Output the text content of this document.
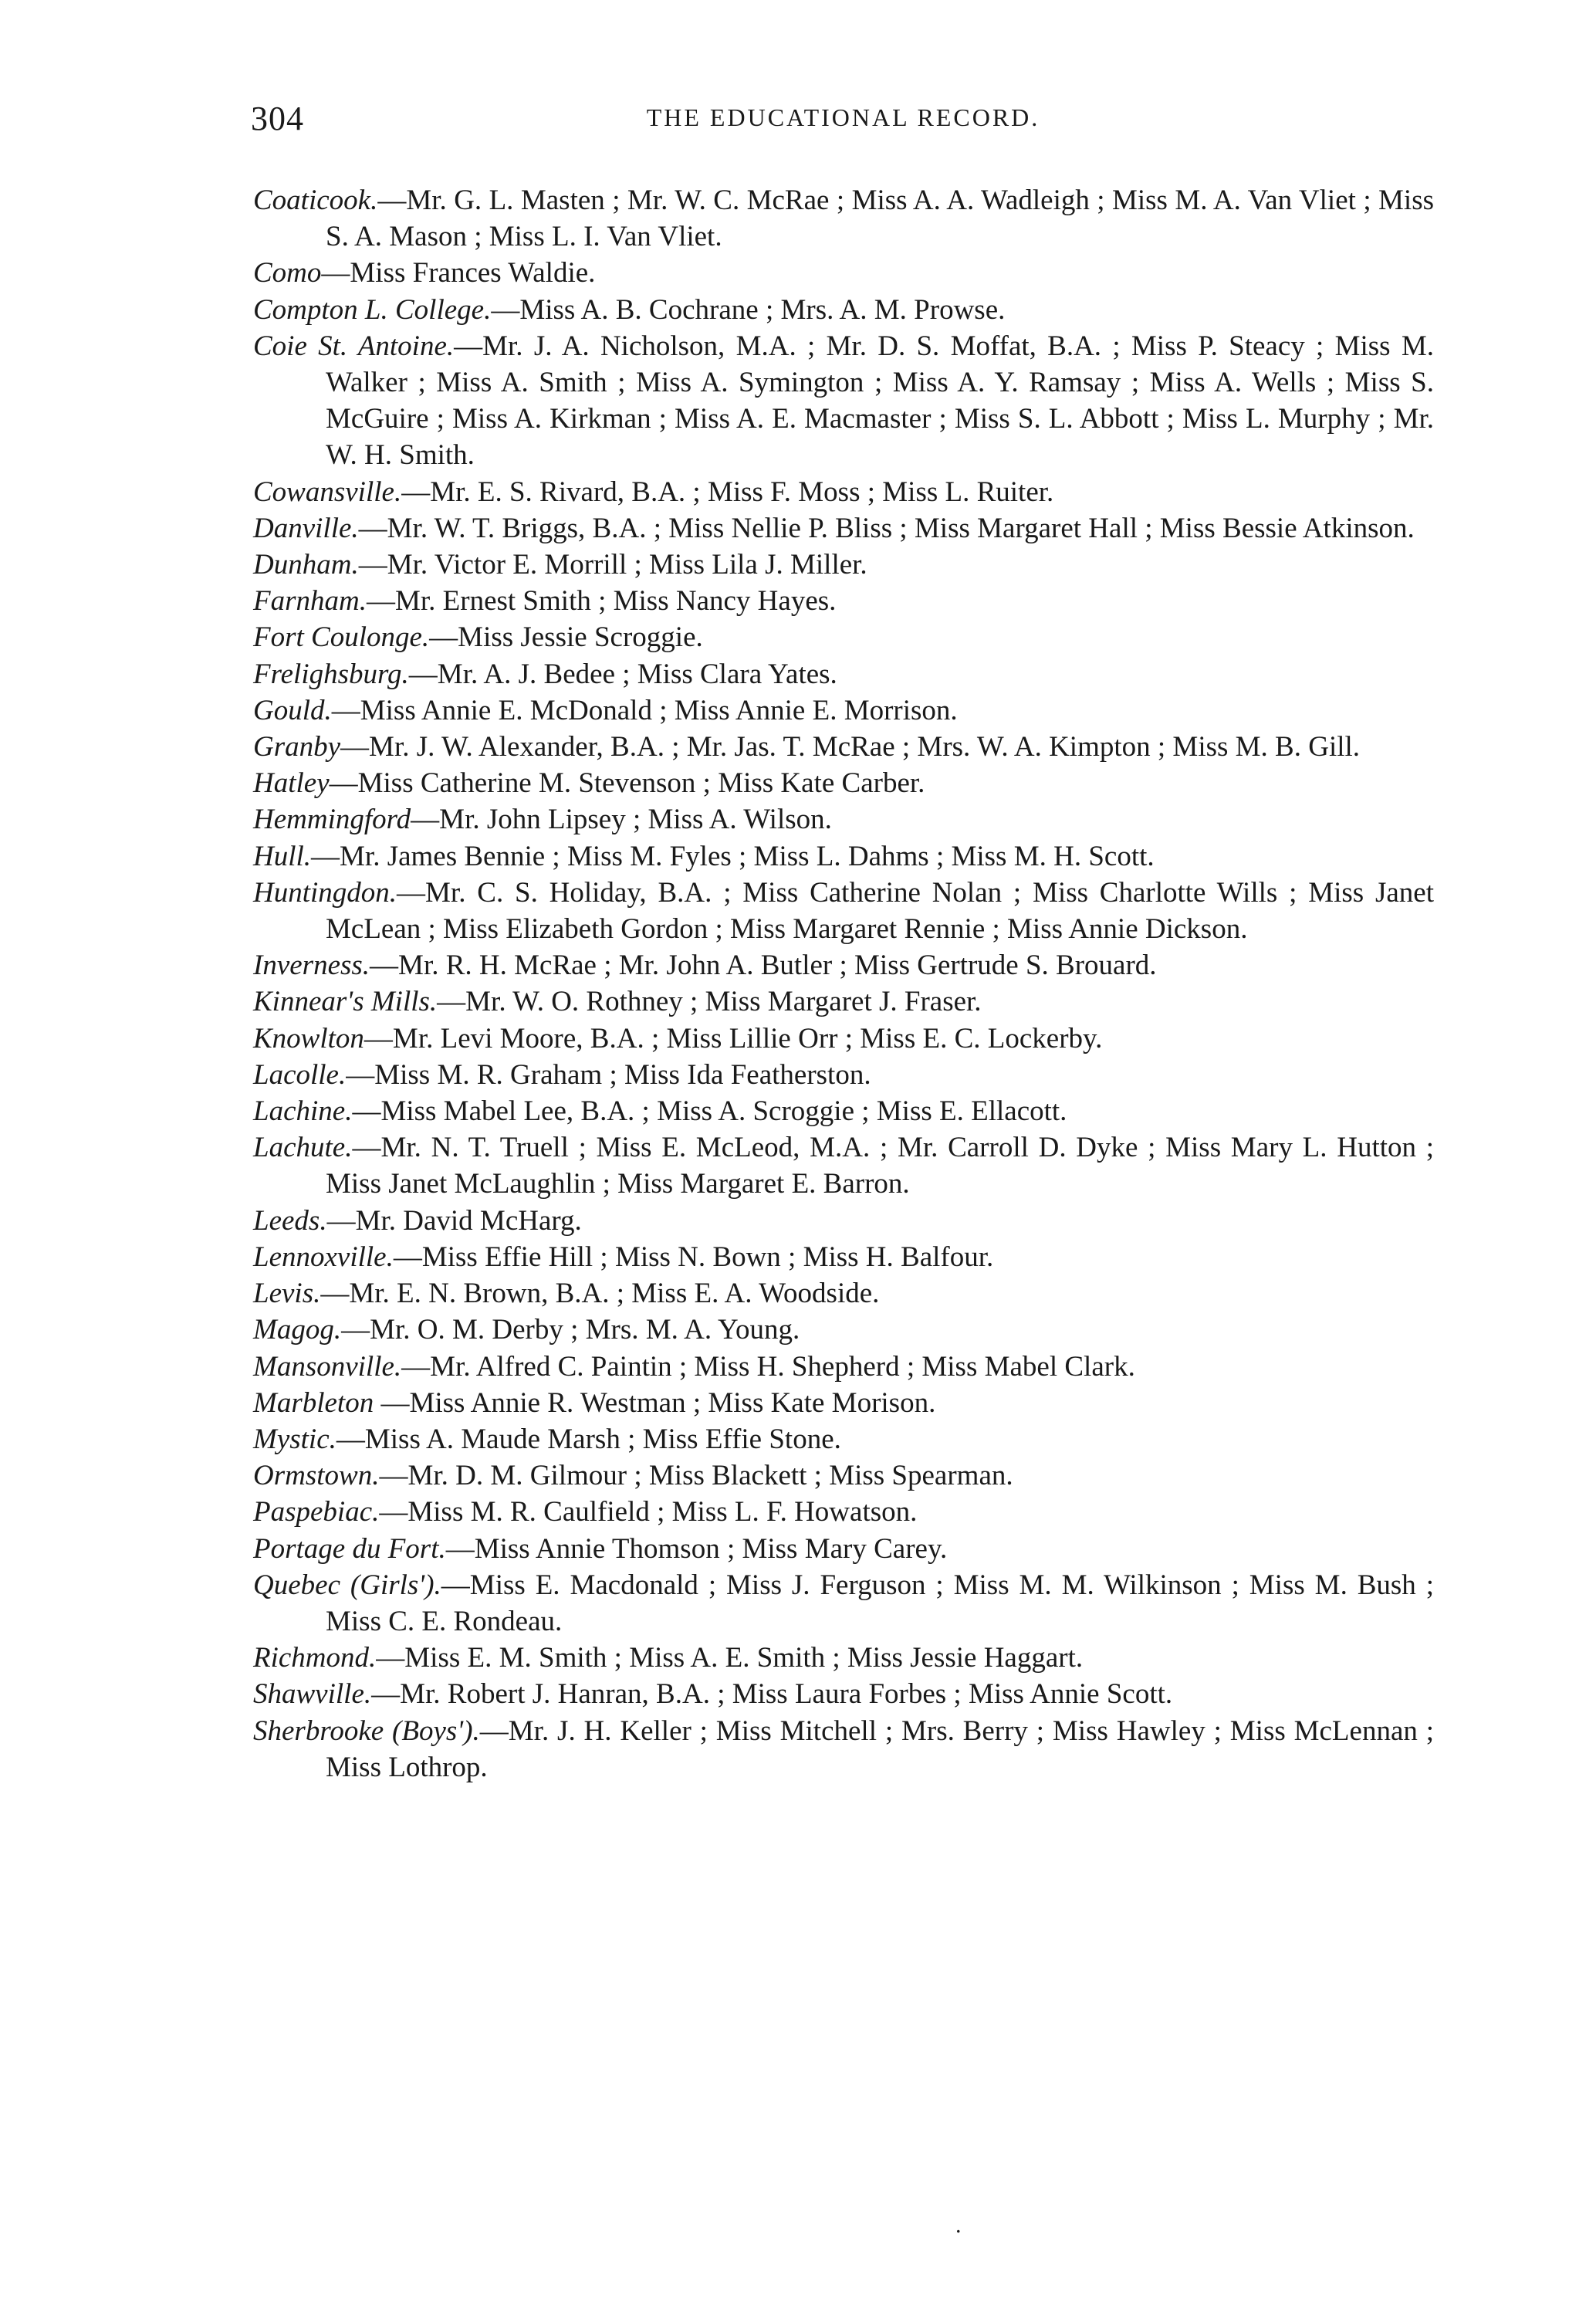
304	THE EDUCATIONAL RECORD.

Coaticook.—Mr. G. L. Masten ; Mr. W. C. McRae ; Miss A. A. Wadleigh ; Miss M. A. Van Vliet ; Miss S. A. Mason ; Miss L. I. Van Vliet.

Como—Miss Frances Waldie.

Compton L. College.—Miss A. B. Cochrane ; Mrs. A. M. Prowse.

Coie St. Antoine.—Mr. J. A. Nicholson, M.A. ; Mr. D. S. Moffat, B.A. ; Miss P. Steacy ; Miss M. Walker ; Miss A. Smith ; Miss A. Symington ; Miss A. Y. Ramsay ; Miss A. Wells ; Miss S. McGuire ; Miss A. Kirkman ; Miss A. E. Macmaster ; Miss S. L. Abbott ; Miss L. Murphy ; Mr. W. H. Smith.

Cowansville.—Mr. E. S. Rivard, B.A. ; Miss F. Moss ; Miss L. Ruiter.

Danville.—Mr. W. T. Briggs, B.A. ; Miss Nellie P. Bliss ; Miss Margaret Hall ; Miss Bessie Atkinson.

Dunham.—Mr. Victor E. Morrill ; Miss Lila J. Miller.

Farnham.—Mr. Ernest Smith ; Miss Nancy Hayes.

Fort Coulonge.—Miss Jessie Scroggie.

Frelighsburg.—Mr. A. J. Bedee ; Miss Clara Yates.

Gould.—Miss Annie E. McDonald ; Miss Annie E. Morrison.

Granby—Mr. J. W. Alexander, B.A. ; Mr. Jas. T. McRae ; Mrs. W. A. Kimpton ; Miss M. B. Gill.

Hatley—Miss Catherine M. Stevenson ; Miss Kate Carber.

Hemmingford—Mr. John Lipsey ; Miss A. Wilson.

Hull.—Mr. James Bennie ; Miss M. Fyles ; Miss L. Dahms ; Miss M. H. Scott.

Huntingdon.—Mr. C. S. Holiday, B.A. ; Miss Catherine Nolan ; Miss Charlotte Wills ; Miss Janet McLean ; Miss Elizabeth Gordon ; Miss Margaret Rennie ; Miss Annie Dickson.

Inverness.—Mr. R. H. McRae ; Mr. John A. Butler ; Miss Gertrude S. Brouard.

Kinnear's Mills.—Mr. W. O. Rothney ; Miss Margaret J. Fraser.

Knowlton—Mr. Levi Moore, B.A. ; Miss Lillie Orr ; Miss E. C. Lockerby.

Lacolle.—Miss M. R. Graham ; Miss Ida Featherston.

Lachine.—Miss Mabel Lee, B.A. ; Miss A. Scroggie ; Miss E. Ellacott.

Lachute.—Mr. N. T. Truell ; Miss E. McLeod, M.A. ; Mr. Carroll D. Dyke ; Miss Mary L. Hutton ; Miss Janet McLaughlin ; Miss Margaret E. Barron.

Leeds.—Mr. David McHarg.

Lennoxville.—Miss Effie Hill ; Miss N. Bown ; Miss H. Balfour.

Levis.—Mr. E. N. Brown, B.A. ; Miss E. A. Woodside.

Magog.—Mr. O. M. Derby ; Mrs. M. A. Young.

Mansonville.—Mr. Alfred C. Paintin ; Miss H. Shepherd ; Miss Mabel Clark.

Marbleton —Miss Annie R. Westman ; Miss Kate Morison.

Mystic.—Miss A. Maude Marsh ; Miss Effie Stone.

Ormstown.—Mr. D. M. Gilmour ; Miss Blackett ; Miss Spearman.

Paspebiac.—Miss M. R. Caulfield ; Miss L. F. Howatson.

Portage du Fort.—Miss Annie Thomson ; Miss Mary Carey.

Quebec (Girls').—Miss E. Macdonald ; Miss J. Ferguson ; Miss M. M. Wilkinson ; Miss M. Bush ; Miss C. E. Rondeau.

Richmond.—Miss E. M. Smith ; Miss A. E. Smith ; Miss Jessie Haggart.

Shawville.—Mr. Robert J. Hanran, B.A. ; Miss Laura Forbes ; Miss Annie Scott.

Sherbrooke (Boys').—Mr. J. H. Keller ; Miss Mitchell ; Mrs. Berry ; Miss Hawley ; Miss McLennan ; Miss Lothrop.

.
